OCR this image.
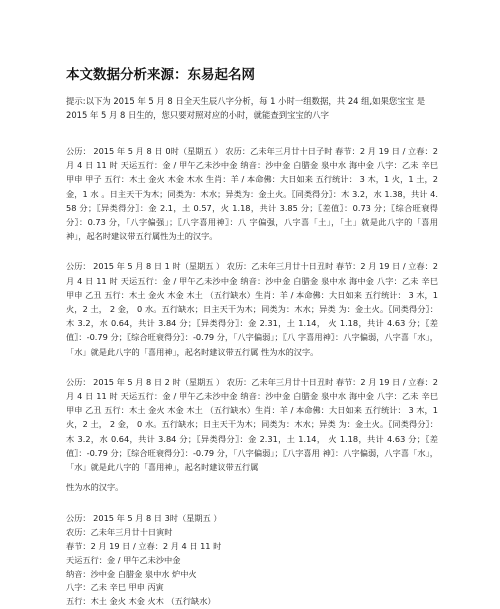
本文数据分析来源：东易起名网

提示:以下为 2015 年 5 月 8 日全天生辰八字分析，每 1 小时一组数据，共 24 组,如果您宝宝 是 2015 年 5 月 8 日生的，您只要对照对应的小时，就能查到宝宝的八字

公历： 2015 年 5 月 8 日 0时（星期五 ） 农历：乙未年三月廿十日子时 春节：2 月 19 日 / 立春：2 月 4 日 11 时 天运五行：金 / 甲午乙未沙中金 纳音：沙中金 白腊金 泉中水 海中金 八字：乙未 辛巳 甲申 甲子 五行：木土 金火 木金 木水 生肖：羊 / 本命佛：大日如来 五行统计： 3 木，1 火，1 土，2 金，1 水 。日主天干为木；同类为：木水；异类为：金土火。〖同类得分〗：木 3.2，水 1.38，共计 4.58 分；〖异类得分〗：金 2.1，土 0.57，火 1.18，共计 3.85 分；〖差值〗：0.73 分；〖综合旺衰得分〗：0.73 分，「八字偏强」；〖八字喜用神〗：八 字偏强，八字喜「土」，「土」就是此八字的「喜用神」，起名时建议带五行属性为土的汉字。

公历： 2015 年 5 月 8 日 1 时（星期五 ） 农历：乙未年三月廿十日丑时 春节：2 月 19 日 / 立春：2 月 4 日 11 时 天运五行：金 / 甲午乙未沙中金 纳音：沙中金 白腊金 泉中水 海中金 八字：乙未 辛巳 甲申 乙丑 五行：木土 金火 木金 木土 （五行缺水）生肖：羊 / 本命佛：大日如来 五行统计： 3 木，1 火，2 土， 2 金， 0 水。五行缺水；日主天干为木；同类为：木水；异类 为：金土火。〖同类得分〗：木 3.2，水 0.64，共计 3.84 分；〖异类得分〗：金 2.31，土 1.14， 火 1.18，共计 4.63 分；〖差值〗：-0.79 分；〖综合旺衰得分〗：-0.79 分，「八字偏弱」；〖八 字喜用神〗：八字偏弱，八字喜「水」，「水」就是此八字的「喜用神」，起名时建议带五行属 性为水的汉字。

公历： 2015 年 5 月 8 日 2 时（星期五 ） 农历：乙未年三月廿十日丑时 春节：2 月 19 日 / 立春：2 月 4 日 11 时 天运五行：金 / 甲午乙未沙中金 纳音：沙中金 白腊金 泉中水 海中金 八字：乙未 辛巳 甲申 乙丑 五行：木土 金火 木金 木土 （五行缺水）生肖：羊 / 本命佛：大日如来 五行统计： 3 木，1 火，2 土， 2 金， 0 水。五行缺水；日主天干为木；同类为：木水；异类 为：金土火。〖同类得分〗：木 3.2，水 0.64，共计 3.84 分；〖异类得分〗：金 2.31，土 1.14， 火 1.18，共计 4.63 分；〖差值〗：-0.79 分；〖综合旺衰得分〗：-0.79 分，「八字偏弱」；〖八字喜用 神〗：八字偏弱，八字喜「水」，「水」就是此八字的「喜用神」，起名时建议带五行属

性为水的汉字。

公历： 2015 年 5 月 8 日 3时（星期五 ）
农历：乙未年三月廿十日寅时
春节：2 月 19 日 / 立春：2 月 4 日 11 时
天运五行：金 / 甲午乙未沙中金
纳音：沙中金 白腊金 泉中水 炉中火
八字：乙未 辛巳 甲申 丙寅
五行：木土 金火 木金 火木 （五行缺水）
